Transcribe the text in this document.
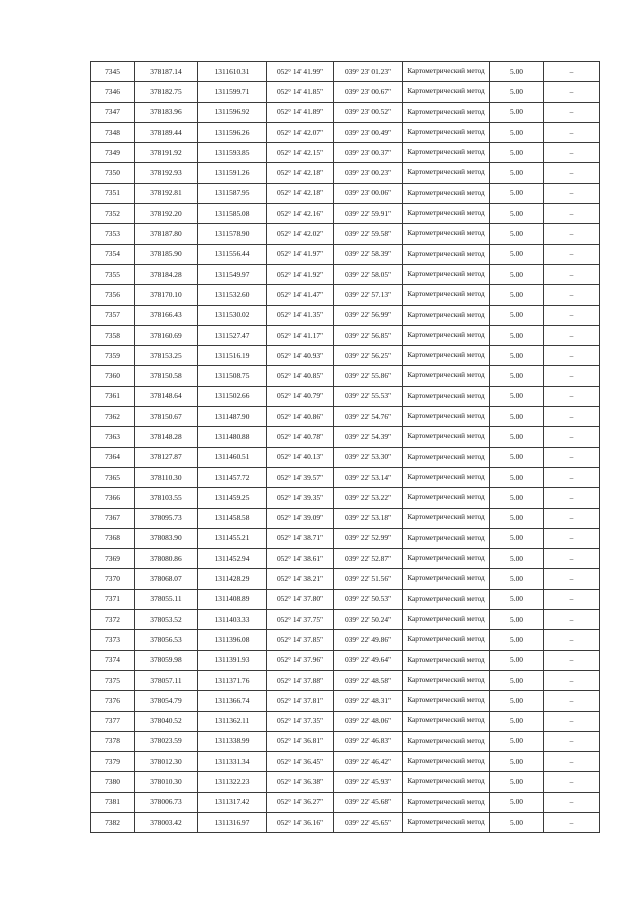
7345	378187.14	1311610.31	052° 14' 41.99"	039° 23' 01.23"	Картометрический метод	5.00	–
7346	378182.75	1311599.71	052° 14' 41.85"	039° 23' 00.67"	Картометрический метод	5.00	–
7347	378183.96	1311596.92	052° 14' 41.89"	039° 23' 00.52"	Картометрический метод	5.00	–
7348	378189.44	1311596.26	052° 14' 42.07"	039° 23' 00.49"	Картометрический метод	5.00	–
7349	378191.92	1311593.85	052° 14' 42.15"	039° 23' 00.37"	Картометрический метод	5.00	–
7350	378192.93	1311591.26	052° 14' 42.18"	039° 23' 00.23"	Картометрический метод	5.00	–
7351	378192.81	1311587.95	052° 14' 42.18"	039° 23' 00.06"	Картометрический метод	5.00	–
7352	378192.20	1311585.08	052° 14' 42.16"	039° 22' 59.91"	Картометрический метод	5.00	–
7353	378187.80	1311578.90	052° 14' 42.02"	039° 22' 59.58"	Картометрический метод	5.00	–
7354	378185.90	1311556.44	052° 14' 41.97"	039° 22' 58.39"	Картометрический метод	5.00	–
7355	378184.28	1311549.97	052° 14' 41.92"	039° 22' 58.05"	Картометрический метод	5.00	–
7356	378170.10	1311532.60	052° 14' 41.47"	039° 22' 57.13"	Картометрический метод	5.00	–
7357	378166.43	1311530.02	052° 14' 41.35"	039° 22' 56.99"	Картометрический метод	5.00	–
7358	378160.69	1311527.47	052° 14' 41.17"	039° 22' 56.85"	Картометрический метод	5.00	–
7359	378153.25	1311516.19	052° 14' 40.93"	039° 22' 56.25"	Картометрический метод	5.00	–
7360	378150.58	1311508.75	052° 14' 40.85"	039° 22' 55.86"	Картометрический метод	5.00	–
7361	378148.64	1311502.66	052° 14' 40.79"	039° 22' 55.53"	Картометрический метод	5.00	–
7362	378150.67	1311487.90	052° 14' 40.86"	039° 22' 54.76"	Картометрический метод	5.00	–
7363	378148.28	1311480.88	052° 14' 40.78"	039° 22' 54.39"	Картометрический метод	5.00	–
7364	378127.87	1311460.51	052° 14' 40.13"	039° 22' 53.30"	Картометрический метод	5.00	–
7365	378110.30	1311457.72	052° 14' 39.57"	039° 22' 53.14"	Картометрический метод	5.00	–
7366	378103.55	1311459.25	052° 14' 39.35"	039° 22' 53.22"	Картометрический метод	5.00	–
7367	378095.73	1311458.58	052° 14' 39.09"	039° 22' 53.18"	Картометрический метод	5.00	–
7368	378083.90	1311455.21	052° 14' 38.71"	039° 22' 52.99"	Картометрический метод	5.00	–
7369	378080.86	1311452.94	052° 14' 38.61"	039° 22' 52.87"	Картометрический метод	5.00	–
7370	378068.07	1311428.29	052° 14' 38.21"	039° 22' 51.56"	Картометрический метод	5.00	–
7371	378055.11	1311408.89	052° 14' 37.80"	039° 22' 50.53"	Картометрический метод	5.00	–
7372	378053.52	1311403.33	052° 14' 37.75"	039° 22' 50.24"	Картометрический метод	5.00	–
7373	378056.53	1311396.08	052° 14' 37.85"	039° 22' 49.86"	Картометрический метод	5.00	–
7374	378059.98	1311391.93	052° 14' 37.96"	039° 22' 49.64"	Картометрический метод	5.00	–
7375	378057.11	1311371.76	052° 14' 37.88"	039° 22' 48.58"	Картометрический метод	5.00	–
7376	378054.79	1311366.74	052° 14' 37.81"	039° 22' 48.31"	Картометрический метод	5.00	–
7377	378040.52	1311362.11	052° 14' 37.35"	039° 22' 48.06"	Картометрический метод	5.00	–
7378	378023.59	1311338.99	052° 14' 36.81"	039° 22' 46.83"	Картометрический метод	5.00	–
7379	378012.30	1311331.34	052° 14' 36.45"	039° 22' 46.42"	Картометрический метод	5.00	–
7380	378010.30	1311322.23	052° 14' 36.38"	039° 22' 45.93"	Картометрический метод	5.00	–
7381	378006.73	1311317.42	052° 14' 36.27"	039° 22' 45.68"	Картометрический метод	5.00	–
7382	378003.42	1311316.97	052° 14' 36.16"	039° 22' 45.65"	Картометрический метод	5.00	–
